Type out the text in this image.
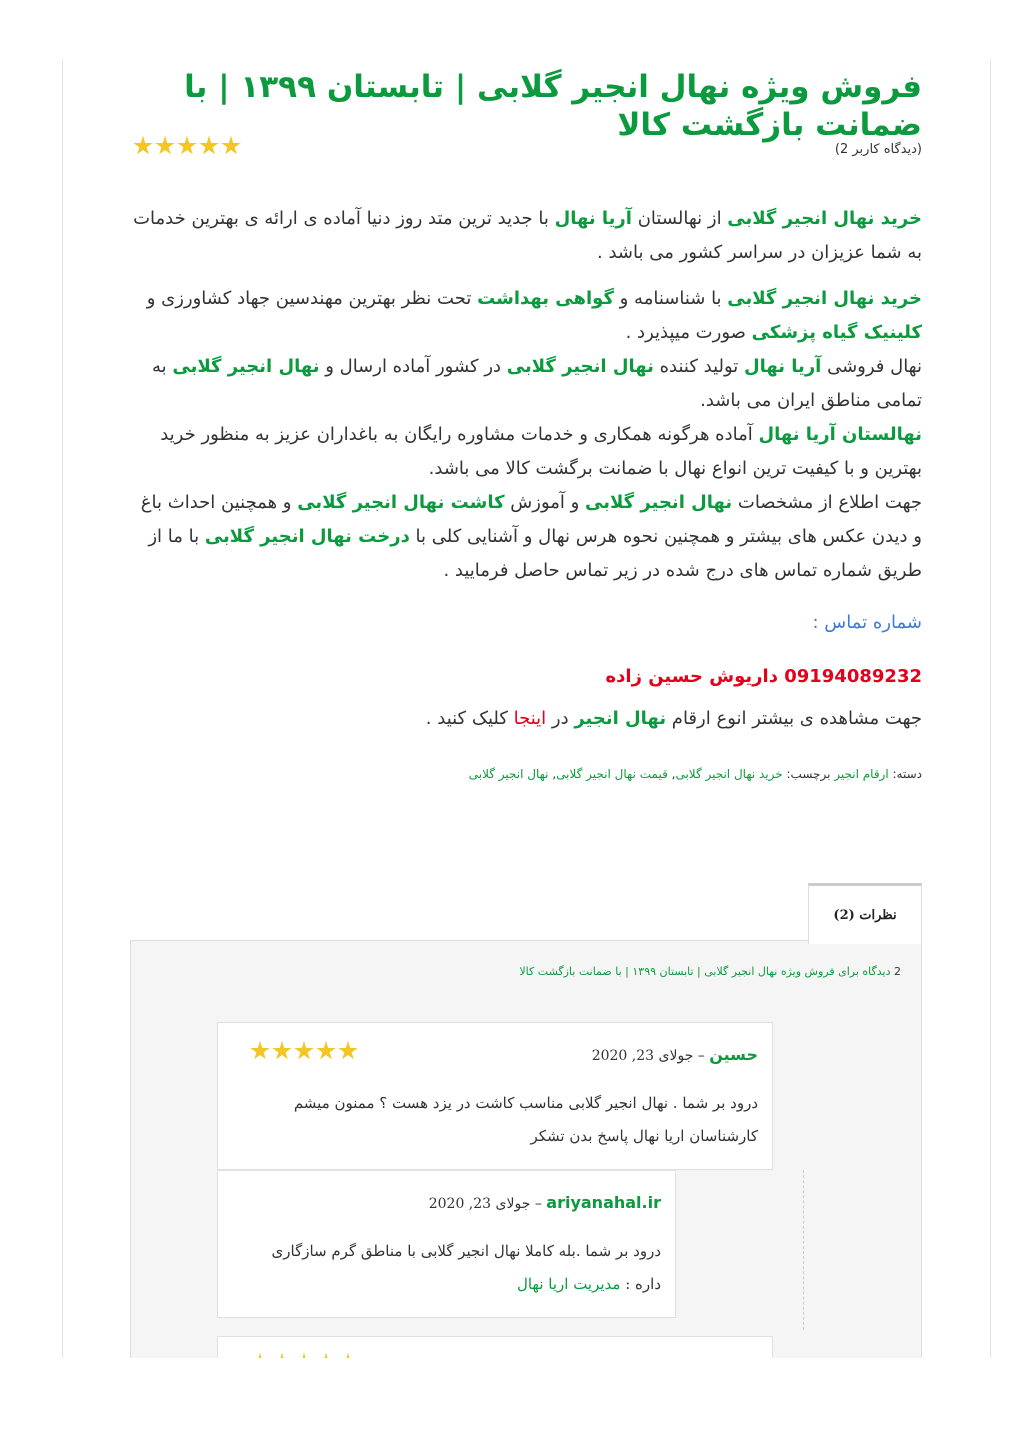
فروش ویژه نهال انجیر گلابی | تابستان ۱۳۹۹ | با ضمانت بازگشت کالا
(دیدگاه کاربر 2)

خرید نهال انجیر گلابی از نهالستان آریا نهال با جدید ترین متد روز دنیا آماده ی ارائه ی بهترین خدمات به شما عزیزان در سراسر کشور می باشد .

خرید نهال انجیر گلابی با شناسنامه و گواهی بهداشت تحت نظر بهترین مهندسین جهاد کشاورزی و کلینیک گیاه پزشکی صورت میپذیرد .
نهال فروشی آریا نهال تولید کننده نهال انجیر گلابی در کشور آماده ارسال و نهال انجیر گلابی به تمامی مناطق ایران می باشد.
نهالستان آریا نهال آماده هرگونه همکاری و خدمات مشاوره رایگان به باغداران عزیز به منظور خرید بهترین و با کیفیت ترین انواع نهال با ضمانت برگشت کالا می باشد.
جهت اطلاع از مشخصات نهال انجیر گلابی و آموزش کاشت نهال انجیر گلابی و همچنین احداث باغ و دیدن عکس های بیشتر و همچنین نحوه هرس نهال و آشنایی کلی با درخت نهال انجیر گلابی با ما از طریق شماره تماس های درج شده در زیر تماس حاصل فرمایید .

شماره تماس :

09194089232 داریوش حسین زاده

جهت مشاهده ی بیشتر انوع ارقام نهال انجیر در اینجا کلیک کنید .

دسته: ارقام انجیر برچسب: خرید نهال انجیر گلابی, قیمت نهال انجیر گلابی, نهال انجیر گلابی

نظرات (2)
2 دیدگاه برای فروش ویژه نهال انجیر گلابی | تابستان ۱۳۹۹ | با ضمانت بازگشت کالا
حسین – جولای 23, 2020
درود بر شما . نهال انجیر گلابی مناسب کاشت در یزد هست ؟ ممنون میشم
کارشناسان اریا نهال پاسخ بدن تشکر
ariyanahal.ir – جولای 23, 2020
درود بر شما .بله کاملا نهال انجیر گلابی با مناطق گرم سازگاری
داره : مدیریت اریا نهال
